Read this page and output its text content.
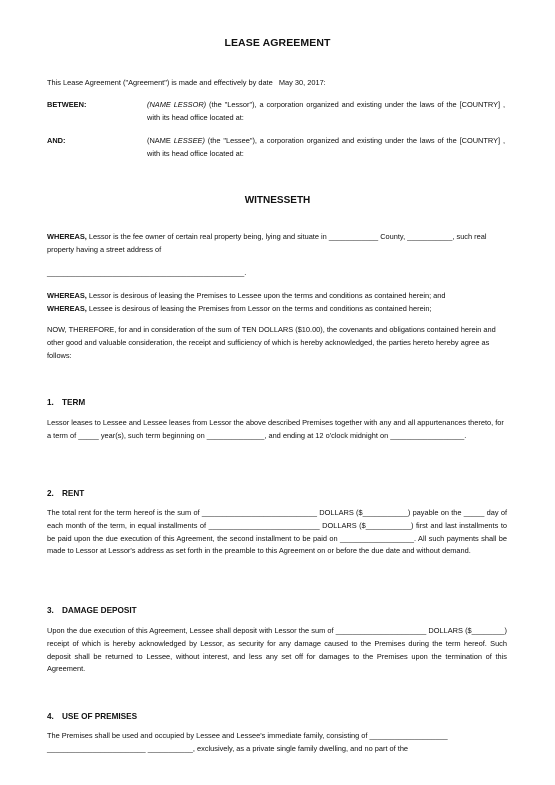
LEASE AGREEMENT

This Lease Agreement ("Agreement") is made and effectively by date May 30, 2017:

BETWEEN:	(NAME LESSOR) (the "Lessor"), a corporation organized and existing under the laws of the [COUNTRY] , with its head office located at:

AND:	(NAME LESSEE) (the "Lessee"), a corporation organized and existing under the laws of the [COUNTRY] , with its head office located at:

WITNESSETH

WHEREAS, Lessor is the fee owner of certain real property being, lying and situate in ____________ County, ___________, such real property having a street address of

________________________________________________.

WHEREAS, Lessor is desirous of leasing the Premises to Lessee upon the terms and conditions as contained herein; and

WHEREAS, Lessee is desirous of leasing the Premises from Lessor on the terms and conditions as contained herein;

NOW, THEREFORE, for and in consideration of the sum of TEN DOLLARS ($10.00), the covenants and obligations contained herein and other good and valuable consideration, the receipt and sufficiency of which is hereby acknowledged, the parties hereto hereby agree as follows:

1. TERM

Lessor leases to Lessee and Lessee leases from Lessor the above described Premises together with any and all appurtenances thereto, for a term of _____ year(s), such term beginning on ______________, and ending at 12 o'clock midnight on __________________.

2. RENT

The total rent for the term hereof is the sum of ____________________________ DOLLARS ($___________) payable on the _____ day of each month of the term, in equal installments of ___________________________ DOLLARS ($___________) first and last installments to be paid upon the due execution of this Agreement, the second installment to be paid on __________________. All such payments shall be made to Lessor at Lessor's address as set forth in the preamble to this Agreement on or before the due date and without demand.

3. DAMAGE DEPOSIT

Upon the due execution of this Agreement, Lessee shall deposit with Lessor the sum of ______________________ DOLLARS ($________) receipt of which is hereby acknowledged by Lessor, as security for any damage caused to the Premises during the term hereof. Such deposit shall be returned to Lessee, without interest, and less any set off for damages to the Premises upon the termination of this Agreement.

4. USE OF PREMISES

The Premises shall be used and occupied by Lessee and Lessee's immediate family, consisting of ___________________ ________________________ ___________, exclusively, as a private single family dwelling, and no part of the
